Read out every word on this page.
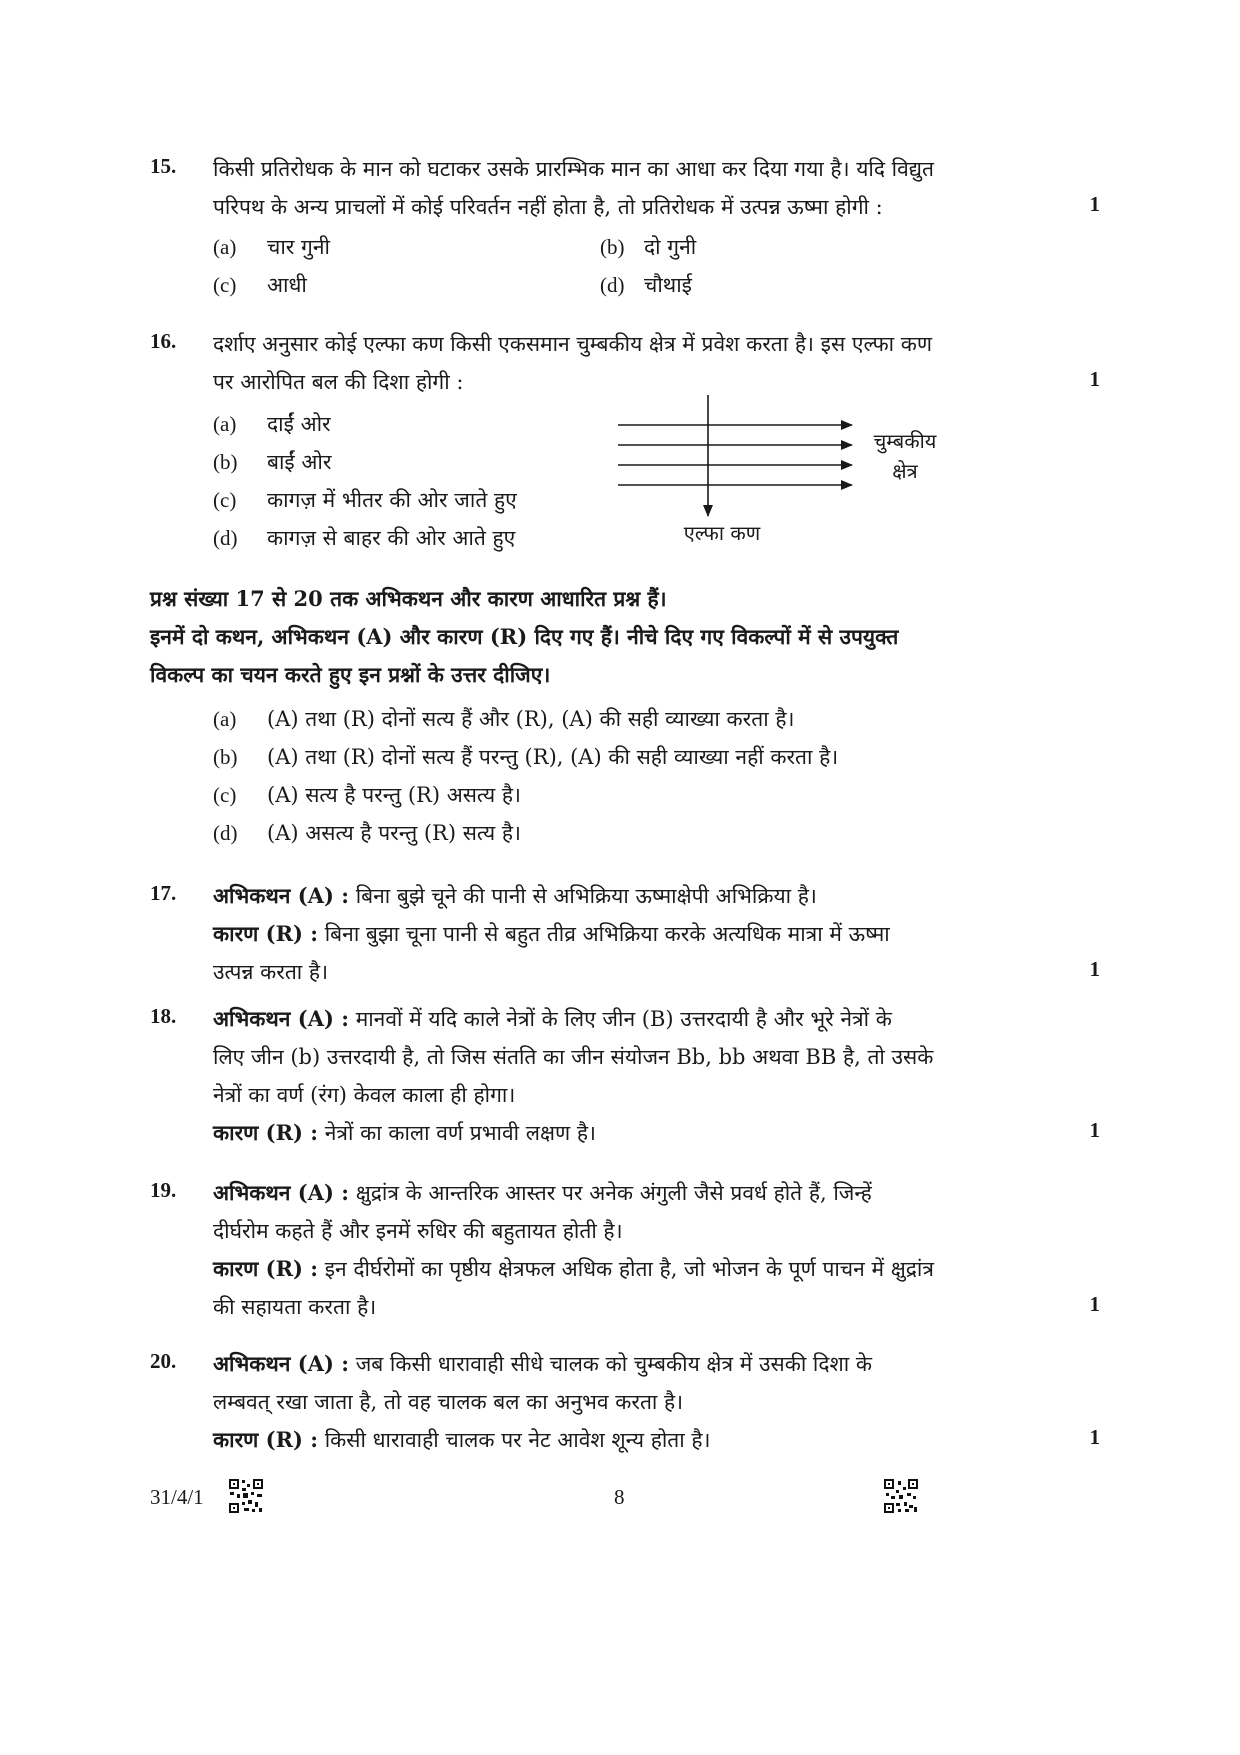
15. किसी प्रतिरोधक के मान को घटाकर उसके प्रारम्भिक मान का आधा कर दिया गया है। यदि विद्युत
परिपथ के अन्य प्राचलों में कोई परिवर्तन नहीं होता है, तो प्रतिरोधक में उत्पन्न ऊष्मा होगी :	1
(a) चार गुनी	(b) दो गुनी
(c) आधी	(d) चौथाई
16. दर्शाए अनुसार कोई एल्फा कण किसी एकसमान चुम्बकीय क्षेत्र में प्रवेश करता है। इस एल्फा कण
पर आरोपित बल की दिशा होगी :	1
(a) दाईं ओर
(b) बाईं ओर
(c) कागज़ में भीतर की ओर जाते हुए
(d) कागज़ से बाहर की ओर आते हुए
चुम्बकीय
क्षेत्र
एल्फा कण
प्रश्न संख्या 17 से 20 तक अभिकथन और कारण आधारित प्रश्न हैं।
इनमें दो कथन, अभिकथन (A) और कारण (R) दिए गए हैं। नीचे दिए गए विकल्पों में से उपयुक्त
विकल्प का चयन करते हुए इन प्रश्नों के उत्तर दीजिए।
(a) (A) तथा (R) दोनों सत्य हैं और (R), (A) की सही व्याख्या करता है।
(b) (A) तथा (R) दोनों सत्य हैं परन्तु (R), (A) की सही व्याख्या नहीं करता है।
(c) (A) सत्य है परन्तु (R) असत्य है।
(d) (A) असत्य है परन्तु (R) सत्य है।
17. अभिकथन (A) : बिना बुझे चूने की पानी से अभिक्रिया ऊष्माक्षेपी अभिक्रिया है।
कारण (R) : बिना बुझा चूना पानी से बहुत तीव्र अभिक्रिया करके अत्यधिक मात्रा में ऊष्मा
उत्पन्न करता है।	1
18. अभिकथन (A) : मानवों में यदि काले नेत्रों के लिए जीन (B) उत्तरदायी है और भूरे नेत्रों के
लिए जीन (b) उत्तरदायी है, तो जिस संतति का जीन संयोजन Bb, bb अथवा BB है, तो उसके
नेत्रों का वर्ण (रंग) केवल काला ही होगा।
कारण (R) : नेत्रों का काला वर्ण प्रभावी लक्षण है।	1
19. अभिकथन (A) : क्षुद्रांत्र के आन्तरिक आस्तर पर अनेक अंगुली जैसे प्रवर्ध होते हैं, जिन्हें
दीर्घरोम कहते हैं और इनमें रुधिर की बहुतायत होती है।
कारण (R) : इन दीर्घरोमों का पृष्ठीय क्षेत्रफल अधिक होता है, जो भोजन के पूर्ण पाचन में क्षुद्रांत्र
की सहायता करता है।	1
20. अभिकथन (A) : जब किसी धारावाही सीधे चालक को चुम्बकीय क्षेत्र में उसकी दिशा के
लम्बवत् रखा जाता है, तो वह चालक बल का अनुभव करता है।
कारण (R) : किसी धारावाही चालक पर नेट आवेश शून्य होता है।	1
31/4/1	8
